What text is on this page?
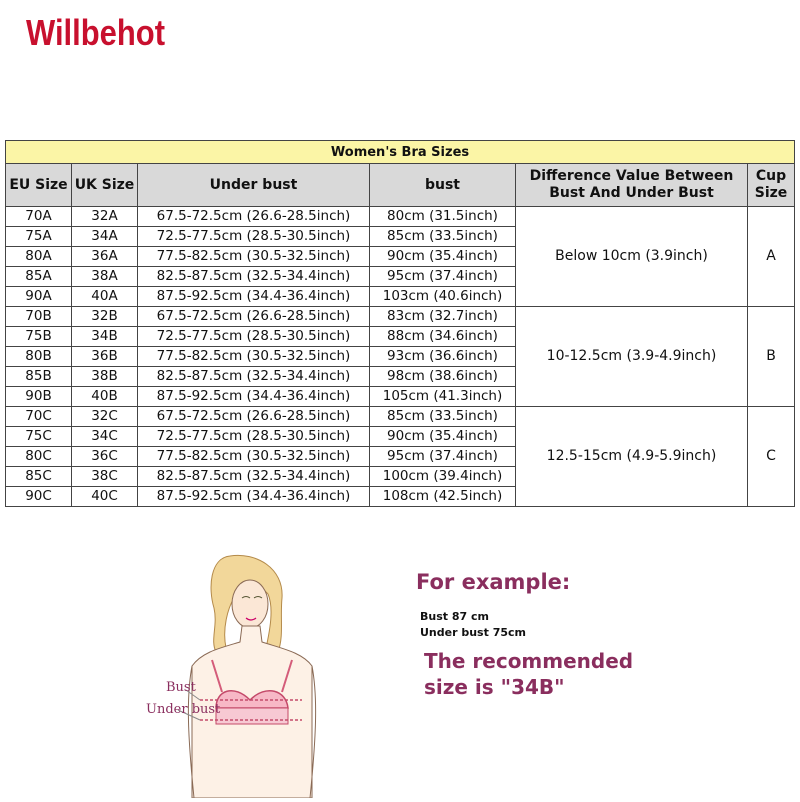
Willbehot
Women's Bra Sizes					
EU Size	UK Size	Under bust	bust	Difference Value Between Bust And Under Bust	Cup Size
70A	32A	67.5-72.5cm (26.6-28.5inch)	80cm (31.5inch)	Below 10cm (3.9inch)	A
75A	34A	72.5-77.5cm (28.5-30.5inch)	85cm (33.5inch)		
80A	36A	77.5-82.5cm (30.5-32.5inch)	90cm (35.4inch)		
85A	38A	82.5-87.5cm (32.5-34.4inch)	95cm (37.4inch)		
90A	40A	87.5-92.5cm (34.4-36.4inch)	103cm (40.6inch)		
70B	32B	67.5-72.5cm (26.6-28.5inch)	83cm (32.7inch)	10-12.5cm (3.9-4.9inch)	B
75B	34B	72.5-77.5cm (28.5-30.5inch)	88cm (34.6inch)		
80B	36B	77.5-82.5cm (30.5-32.5inch)	93cm (36.6inch)		
85B	38B	82.5-87.5cm (32.5-34.4inch)	98cm (38.6inch)		
90B	40B	87.5-92.5cm (34.4-36.4inch)	105cm (41.3inch)		
70C	32C	67.5-72.5cm (26.6-28.5inch)	85cm (33.5inch)	12.5-15cm (4.9-5.9inch)	C
75C	34C	72.5-77.5cm (28.5-30.5inch)	90cm (35.4inch)		
80C	36C	77.5-82.5cm (30.5-32.5inch)	95cm (37.4inch)		
85C	38C	82.5-87.5cm (32.5-34.4inch)	100cm (39.4inch)		
90C	40C	87.5-92.5cm (34.4-36.4inch)	108cm (42.5inch)		
Bust
Under bust
For example:
Bust 87 cm
Under bust 75cm
The recommended
size is "34B"
